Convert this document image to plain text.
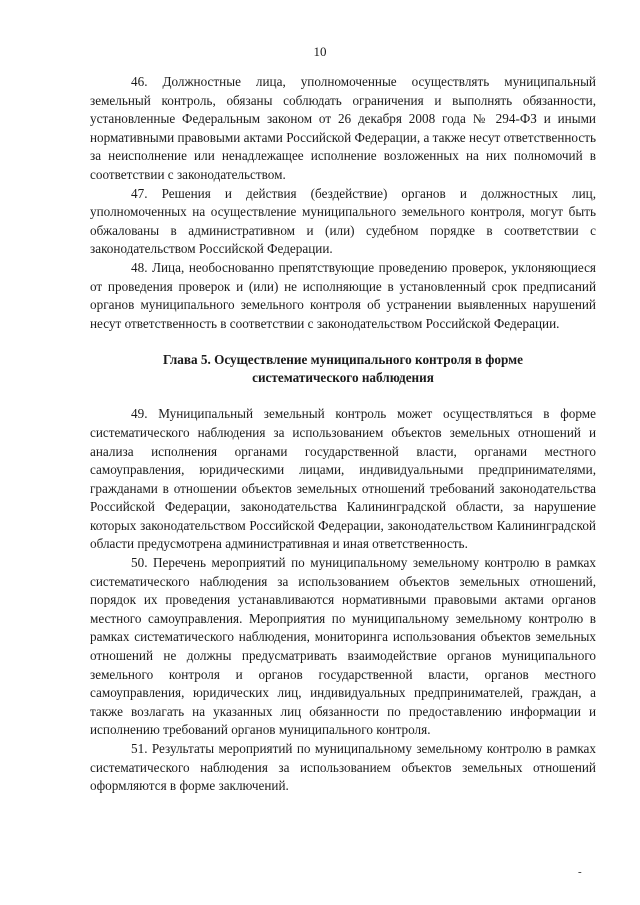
10

46. Должностные лица, уполномоченные осуществлять муниципальный земельный контроль, обязаны соблюдать ограничения и выполнять обязанности, установленные Федеральным законом от 26 декабря 2008 года № 294-ФЗ и иными нормативными правовыми актами Российской Федерации, а также несут ответственность за неисполнение или ненадлежащее исполнение возложенных на них полномочий в соответствии с законодательством.

47. Решения и действия (бездействие) органов и должностных лиц, уполномоченных на осуществление муниципального земельного контроля, могут быть обжалованы в административном и (или) судебном порядке в соответствии с законодательством Российской Федерации.

48. Лица, необоснованно препятствующие проведению проверок, уклоняющиеся от проведения проверок и (или) не исполняющие в установленный срок предписаний органов муниципального земельного контроля об устранении выявленных нарушений несут ответственность в соответствии с законодательством Российской Федерации.

Глава 5. Осуществление муниципального контроля в форме
систематического наблюдения

49. Муниципальный земельный контроль может осуществляться в форме систематического наблюдения за использованием объектов земельных отношений и анализа исполнения органами государственной власти, органами местного самоуправления, юридическими лицами, индивидуальными предпринимателями, гражданами в отношении объектов земельных отношений требований законодательства Российской Федерации, законодательства Калининградской области, за нарушение которых законодательством Российской Федерации, законодательством Калининградской области предусмотрена административная и иная ответственность.

50. Перечень мероприятий по муниципальному земельному контролю в рамках систематического наблюдения за использованием объектов земельных отношений, порядок их проведения устанавливаются нормативными правовыми актами органов местного самоуправления. Мероприятия по муниципальному земельному контролю в рамках систематического наблюдения, мониторинга использования объектов земельных отношений не должны предусматривать взаимодействие органов муниципального земельного контроля и органов государственной власти, органов местного самоуправления, юридических лиц, индивидуальных предпринимателей, граждан, а также возлагать на указанных лиц обязанности по предоставлению информации и исполнению требований органов муниципального контроля.

51. Результаты мероприятий по муниципальному земельному контролю в рамках систематического наблюдения за использованием объектов земельных отношений оформляются в форме заключений.

-
